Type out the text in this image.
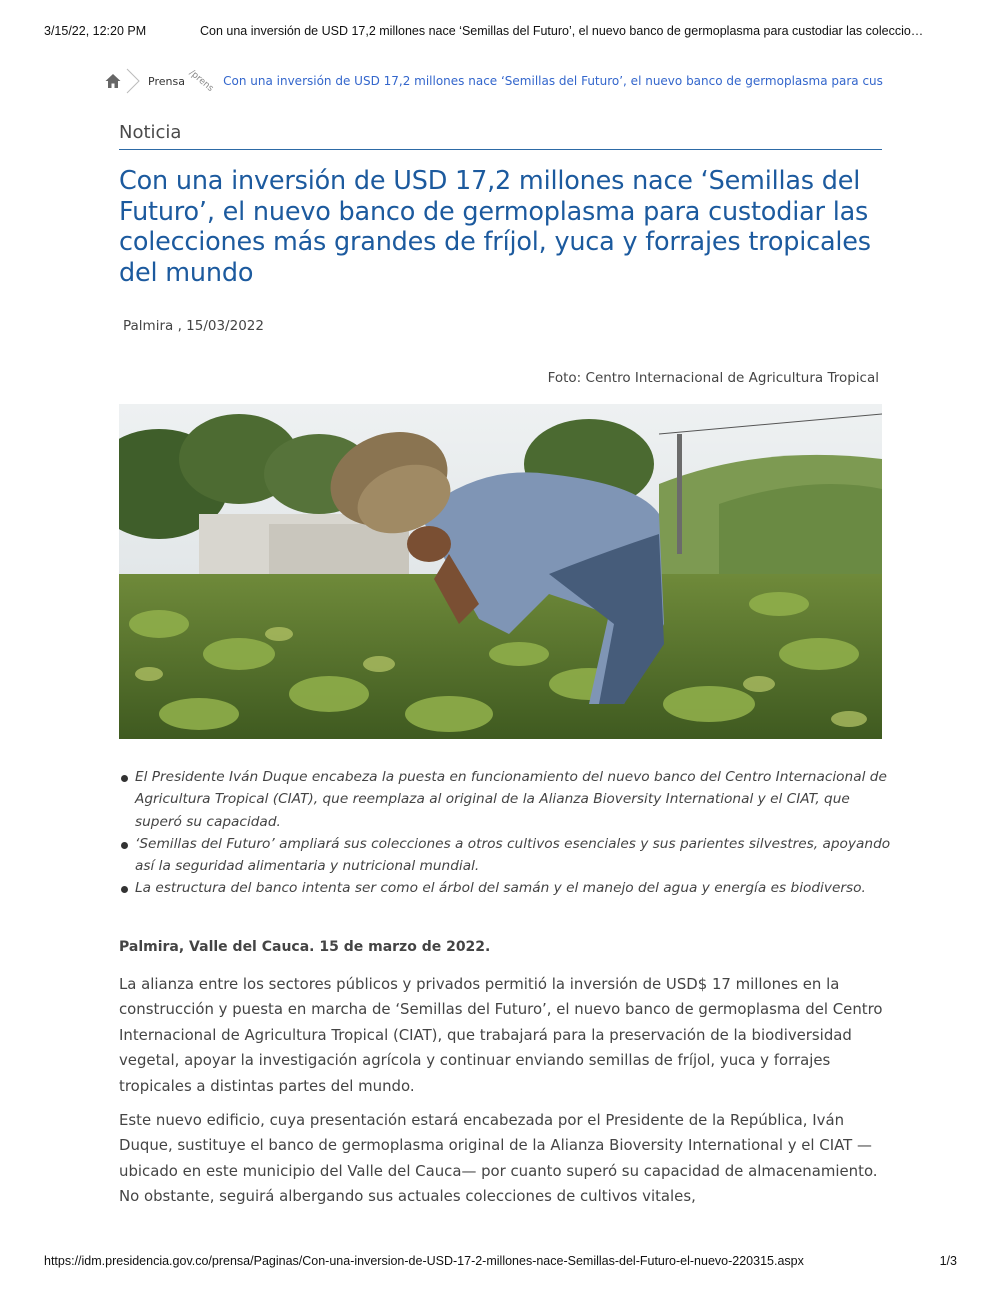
3/15/22, 12:20 PM	Con una inversión de USD 17,2 millones nace ‘Semillas del Futuro’, el nuevo banco de germoplasma para custodiar las coleccio…
Prensa /prens Con una inversión de USD 17,2 millones nace ‘Semillas del Futuro’, el nuevo banco de germoplasma para cus
Noticia
Con una inversión de USD 17,2 millones nace ‘Semillas del Futuro’, el nuevo banco de germoplasma para custodiar las colecciones más grandes de fríjol, yuca y forrajes tropicales del mundo
Palmira , 15/03/2022
Foto: Centro Internacional de Agricultura Tropical
El Presidente Iván Duque encabeza la puesta en funcionamiento del nuevo banco del Centro Internacional de Agricultura Tropical (CIAT), que reemplaza al original de la Alianza Bioversity International y el CIAT, que superó su capacidad.
‘Semillas del Futuro’ ampliará sus colecciones a otros cultivos esenciales y sus parientes silvestres, apoyando así la seguridad alimentaria y nutricional mundial.
La estructura del banco intenta ser como el árbol del samán y el manejo del agua y energía es biodiverso.
Palmira, Valle del Cauca. 15 de marzo de 2022.

La alianza entre los sectores públicos y privados permitió la inversión de USD$ 17 millones en la construcción y puesta en marcha de ‘Semillas del Futuro’, el nuevo banco de germoplasma del Centro Internacional de Agricultura Tropical (CIAT), que trabajará para la preservación de la biodiversidad vegetal, apoyar la investigación agrícola y continuar enviando semillas de fríjol, yuca y forrajes tropicales a distintas partes del mundo.

Este nuevo edificio, cuya presentación estará encabezada por el Presidente de la República, Iván Duque, sustituye el banco de germoplasma original de la Alianza Bioversity International y el CIAT —ubicado en este municipio del Valle del Cauca— por cuanto superó su capacidad de almacenamiento. No obstante, seguirá albergando sus actuales colecciones de cultivos vitales,

https://idm.presidencia.gov.co/prensa/Paginas/Con-una-inversion-de-USD-17-2-millones-nace-Semillas-del-Futuro-el-nuevo-220315.aspx	1/3
